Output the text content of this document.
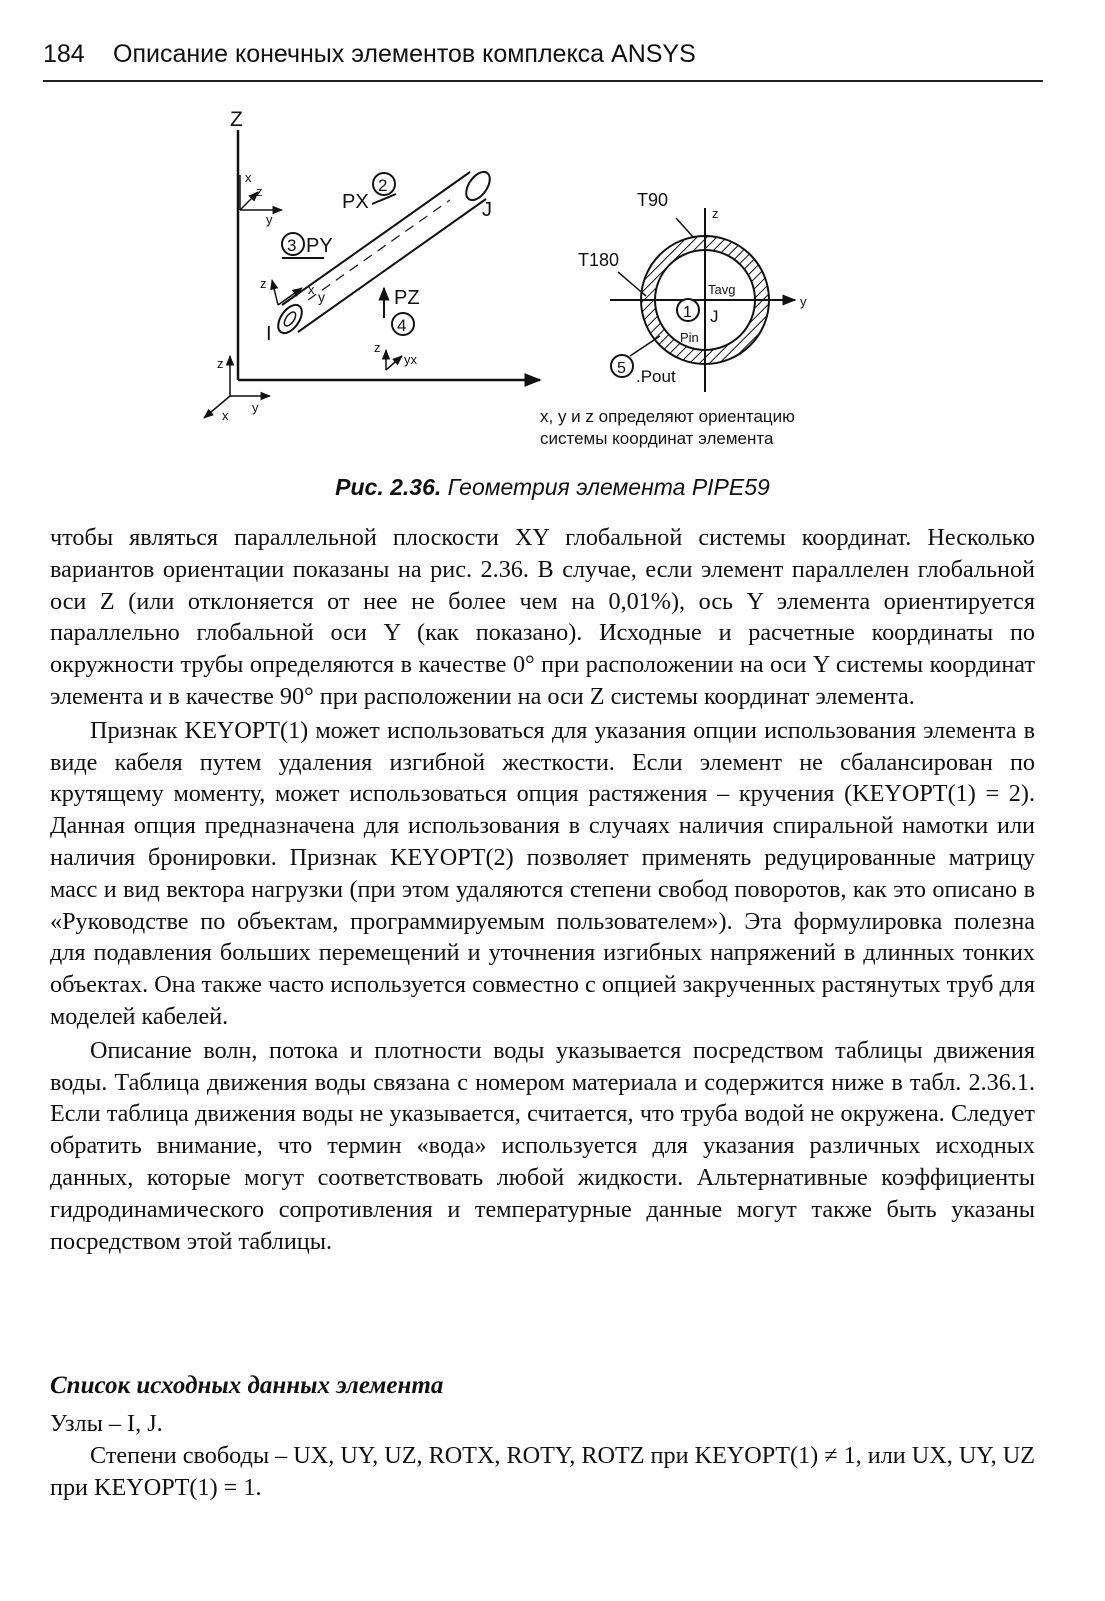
184 Описание конечных элементов комплекса ANSYS
Z
x
z
y
PX
2
J
3 PY
z	x y
I
PZ
4
z
yx
z
x
y
T90
z
T180
Tavg
y
1 J
Pin
5 .Pout
x, y и z определяют ориентацию
системы координат элемента
Рис. 2.36. Геометрия элемента PIPE59

чтобы являться параллельной плоскости XY глобальной системы координат. Несколько вариантов ориентации показаны на рис. 2.36. В случае, если элемент параллелен глобальной оси Z (или отклоняется от нее не более чем на 0,01%), ось Y элемента ориентируется параллельно глобальной оси Y (как показано). Исходные и расчетные координаты по окружности трубы определяются в качестве 0° при расположении на оси Y системы координат элемента и в качестве 90° при расположении на оси Z системы координат элемента.

Признак KEYOPT(1) может использоваться для указания опции использования элемента в виде кабеля путем удаления изгибной жесткости. Если элемент не сбалансирован по крутящему моменту, может использоваться опция растяжения – кручения (KEYOPT(1) = 2). Данная опция предназначена для использования в случаях наличия спиральной намотки или наличия бронировки. Признак KEYOPT(2) позволяет применять редуцированные матрицу масс и вид вектора нагрузки (при этом удаляются степени свобод поворотов, как это описано в «Руководстве по объектам, программируемым пользователем»). Эта формулировка полезна для подавления больших перемещений и уточнения изгибных напряжений в длинных тонких объектах. Она также часто используется совместно с опцией закрученных растянутых труб для моделей кабелей.

Описание волн, потока и плотности воды указывается посредством таблицы движения воды. Таблица движения воды связана с номером материала и содержится ниже в табл. 2.36.1. Если таблица движения воды не указывается, считается, что труба водой не окружена. Следует обратить внимание, что термин «вода» используется для указания различных исходных данных, которые могут соответствовать любой жидкости. Альтернативные коэффициенты гидродинамического сопротивления и температурные данные могут также быть указаны посредством этой таблицы.

Список исходных данных элемента

Узлы – I, J.

Степени свободы – UX, UY, UZ, ROTX, ROTY, ROTZ при KEYOPT(1) ≠ 1, или UX, UY, UZ при KEYOPT(1) = 1.
